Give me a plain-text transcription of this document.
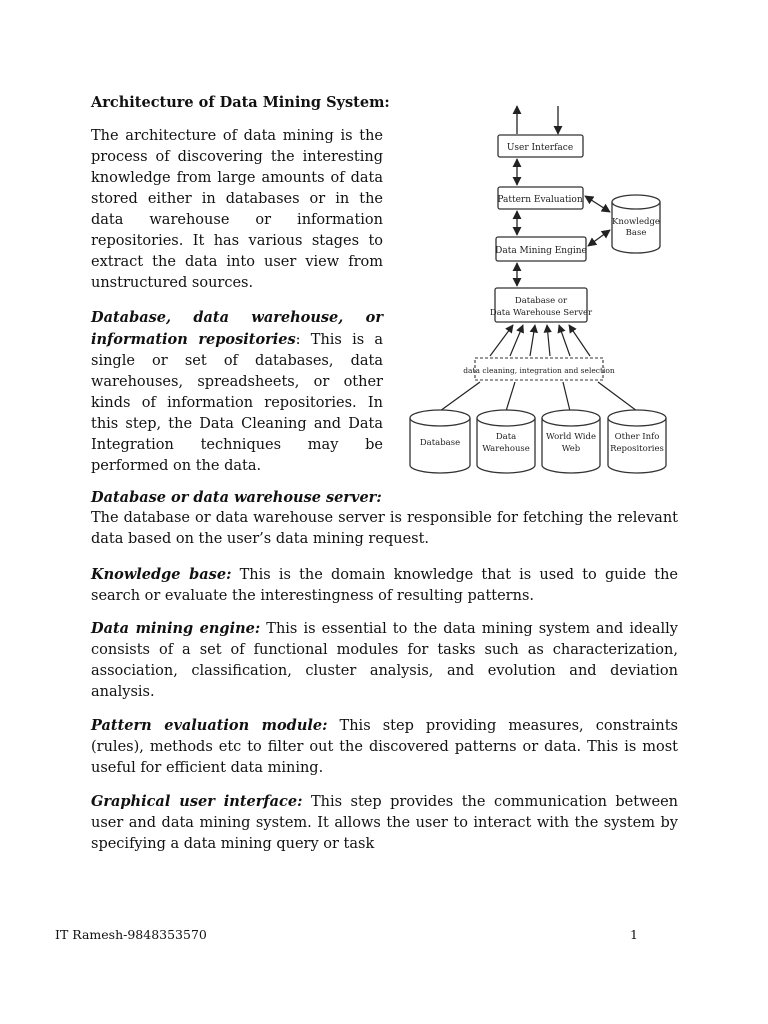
Architecture of Data Mining System:
The architecture of data mining is the process of discovering the interesting knowledge from large amounts of data stored either in databases or in the data warehouse or information repositories. It has various stages to extract the data into user view from unstructured sources.
Database, data warehouse, or information repositories: This is a single or set of databases, data warehouses, spreadsheets, or other kinds of information repositories. In this step, the Data Cleaning and Data Integration techniques may be performed on the data.
Database or data warehouse server:
The database or data warehouse server is responsible for fetching the relevant data based on the user’s data mining request.
Knowledge base: This is the domain knowledge that is used to guide the search or evaluate the interestingness of resulting patterns.
Data mining engine: This is essential to the data mining system and ideally consists of a set of functional modules for tasks such as characterization, association, classification, cluster analysis, and evolution and deviation analysis.
Pattern evaluation module: This step providing measures, constraints (rules), methods etc to filter out the discovered patterns or data. This is most useful for efficient data mining.
Graphical user interface: This step provides the communication between user and data mining system. It allows the user to interact with the system by specifying a data mining query or task
User Interface
Pattern Evaluation
Data Mining Engine
Knowledge
Base
Database or
Data Warehouse Server
data cleaning, integration and selection
Database
Data
Warehouse
World Wide
Web
Other Info
Repositories
IT Ramesh-9848353570	1
